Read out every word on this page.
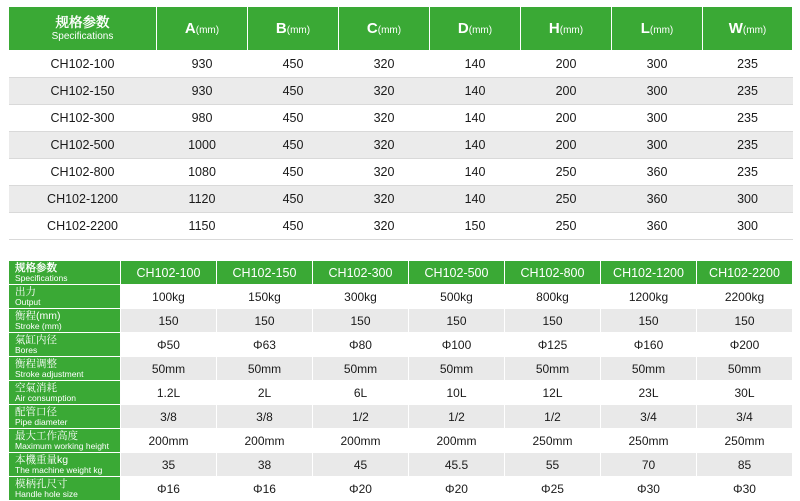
规格参数
Specifications	A(mm)	B(mm)	C(mm)	D(mm)	H(mm)	L(mm)	W(mm)
CH102-100	930	450	320	140	200	300	235
CH102-150	930	450	320	140	200	300	235
CH102-300	980	450	320	140	200	300	235
CH102-500	1000	450	320	140	200	300	235
CH102-800	1080	450	320	140	250	360	235
CH102-1200	1120	450	320	140	250	360	300
CH102-2200	1150	450	320	150	250	360	300
规格参数
Specifications	CH102-100	CH102-150	CH102-300	CH102-500	CH102-800	CH102-1200	CH102-2200

出力
Output	100kg	150kg	300kg	500kg	800kg	1200kg	2200kg

衡程(mm)
Stroke (mm)	150	150	150	150	150	150	150

氣缸内径
Bores	Φ50	Φ63	Φ80	Φ100	Φ125	Φ160	Φ200

衡程调整
Stroke adjustment	50mm	50mm	50mm	50mm	50mm	50mm	50mm

空氣消耗
Air consumption	1.2L	2L	6L	10L	12L	23L	30L

配管口径
Pipe diameter	3/8	3/8	1/2	1/2	1/2	3/4	3/4

最大工作高度
Maximum working height	200mm	200mm	200mm	200mm	250mm	250mm	250mm

本機重量kg
The machine weight kg	35	38	45	45.5	55	70	85

模柄孔尺寸
Handle hole size	Φ16	Φ16	Φ20	Φ20	Φ25	Φ30	Φ30
